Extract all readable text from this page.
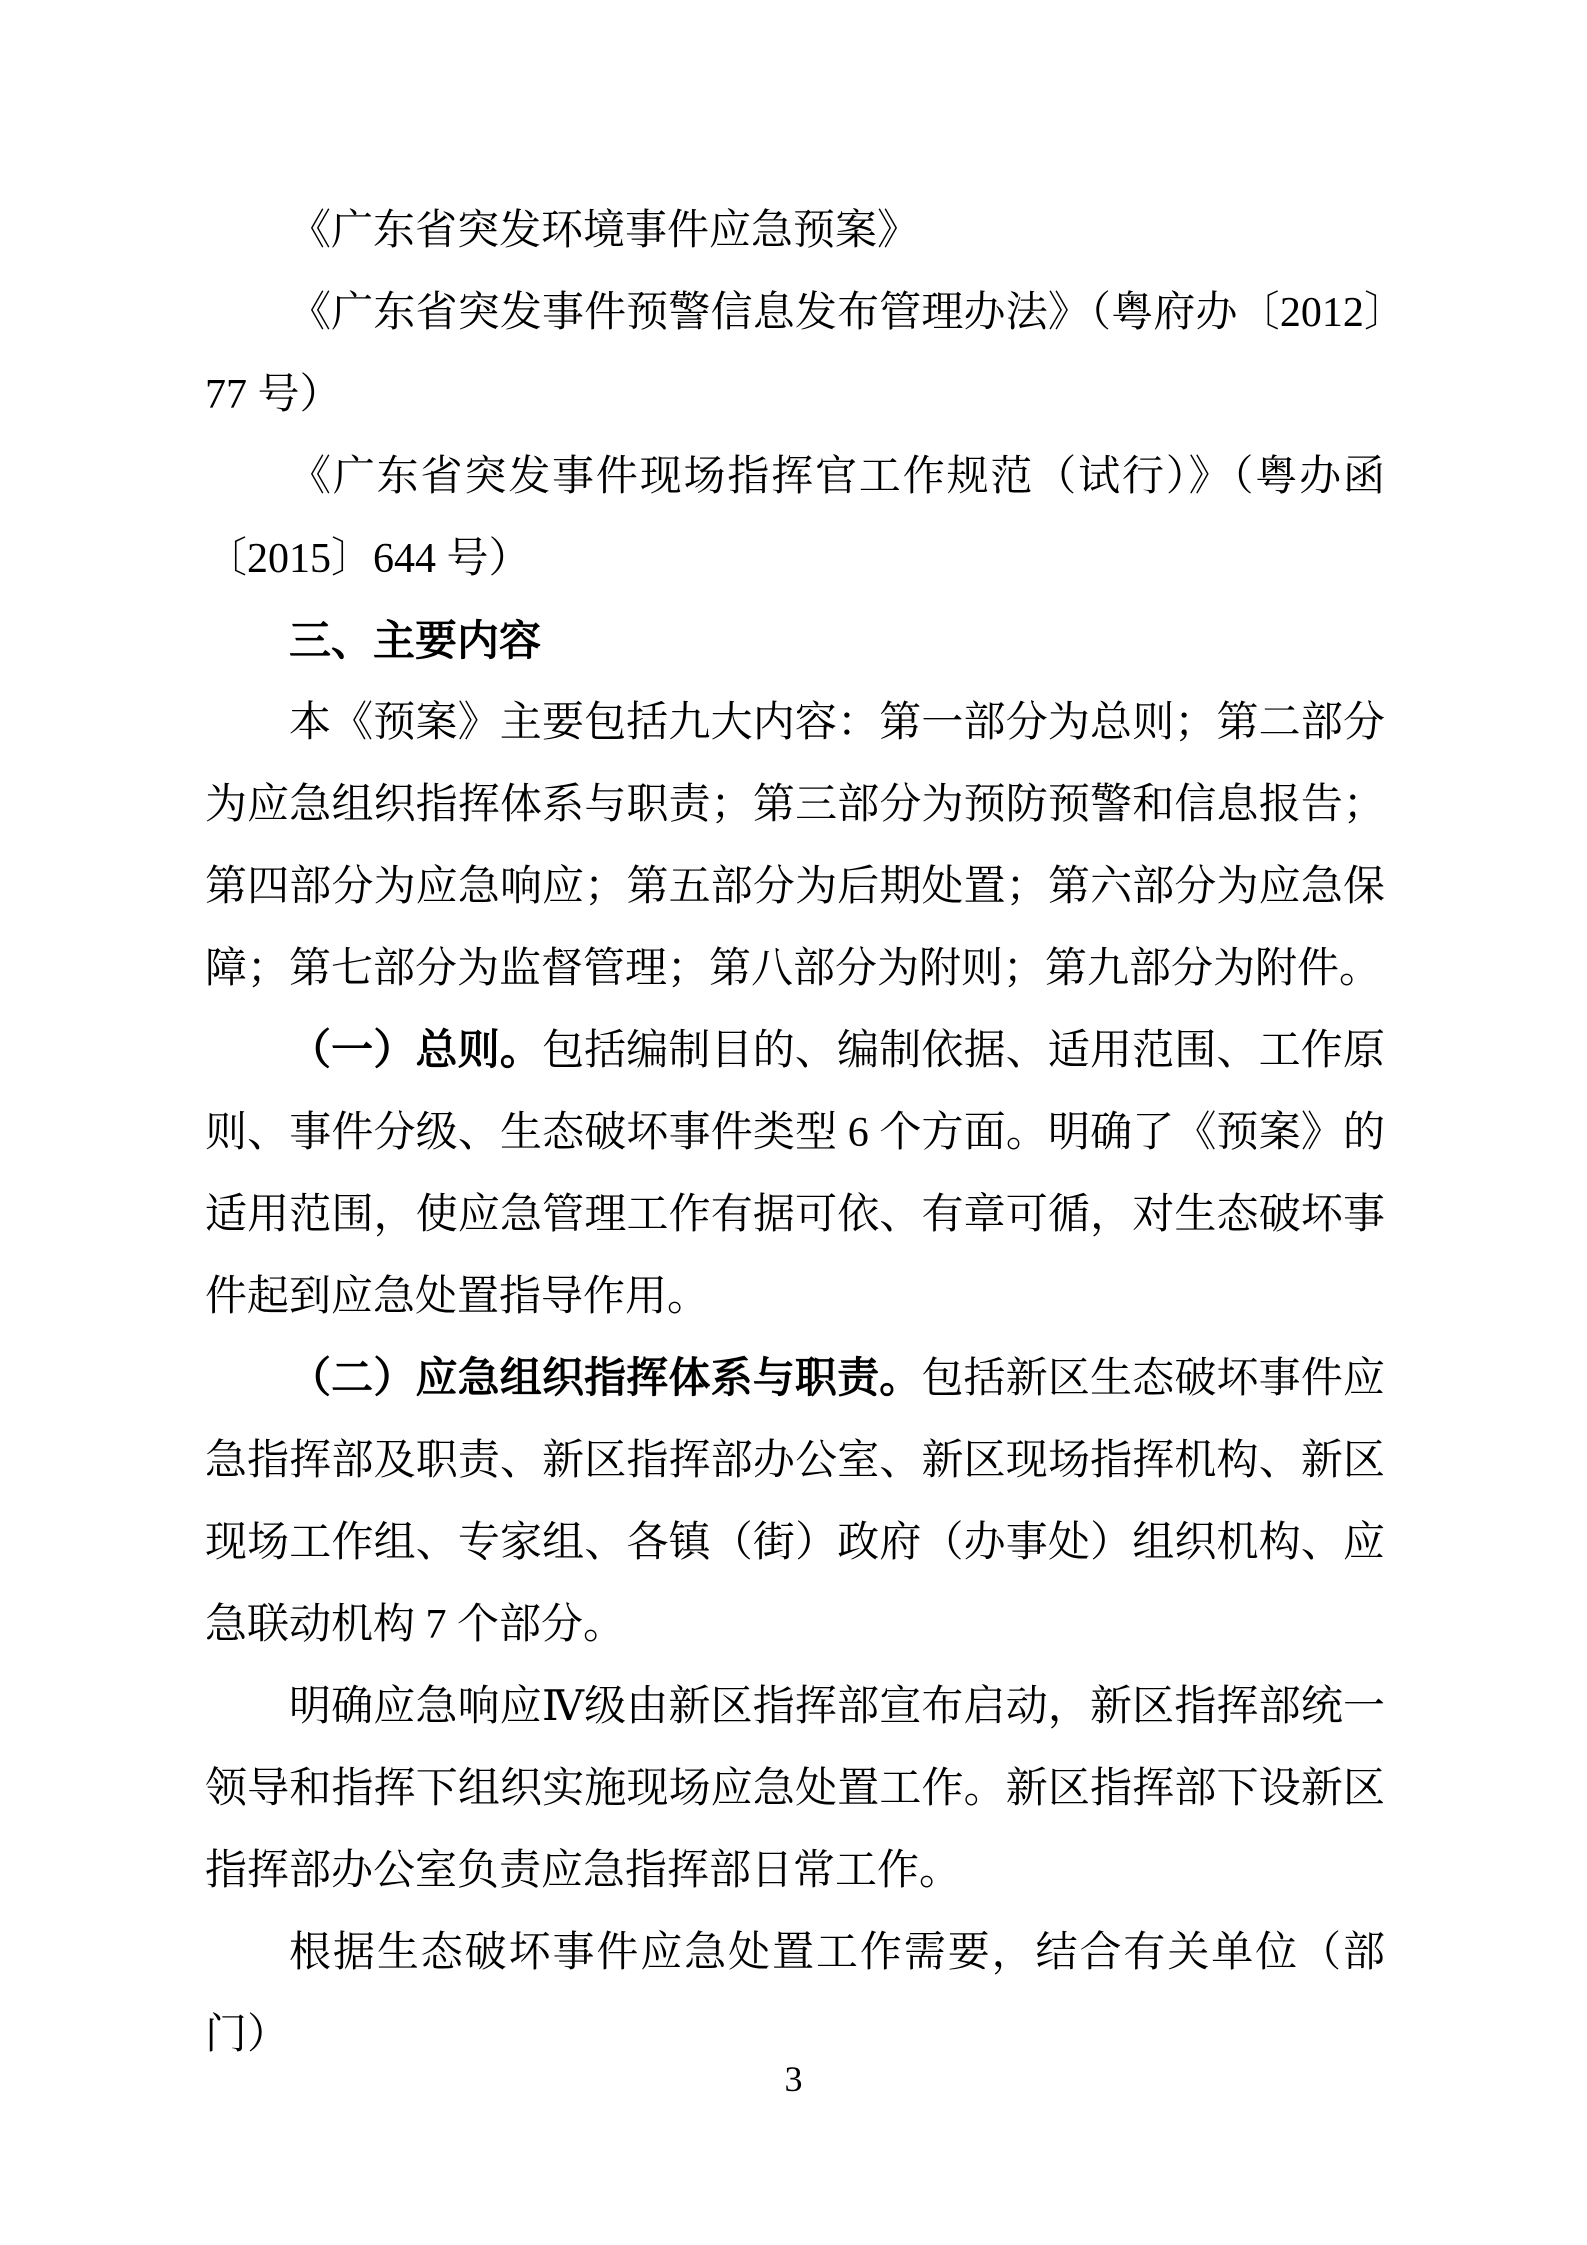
《广东省突发环境事件应急预案》

《广东省突发事件预警信息发布管理办法》（粤府办〔2012〕77 号）

《广东省突发事件现场指挥官工作规范（试行）》（粤办函〔2015〕644 号）

三、主要内容

本《预案》主要包括九大内容：第一部分为总则；第二部分为应急组织指挥体系与职责；第三部分为预防预警和信息报告；第四部分为应急响应；第五部分为后期处置；第六部分为应急保障；第七部分为监督管理；第八部分为附则；第九部分为附件。

（一）总则。包括编制目的、编制依据、适用范围、工作原则、事件分级、生态破坏事件类型 6 个方面。明确了《预案》的适用范围，使应急管理工作有据可依、有章可循，对生态破坏事件起到应急处置指导作用。

（二）应急组织指挥体系与职责。包括新区生态破坏事件应急指挥部及职责、新区指挥部办公室、新区现场指挥机构、新区现场工作组、专家组、各镇（街）政府（办事处）组织机构、应急联动机构 7 个部分。

明确应急响应Ⅳ级由新区指挥部宣布启动，新区指挥部统一领导和指挥下组织实施现场应急处置工作。新区指挥部下设新区指挥部办公室负责应急指挥部日常工作。

根据生态破坏事件应急处置工作需要，结合有关单位（部门）

3
